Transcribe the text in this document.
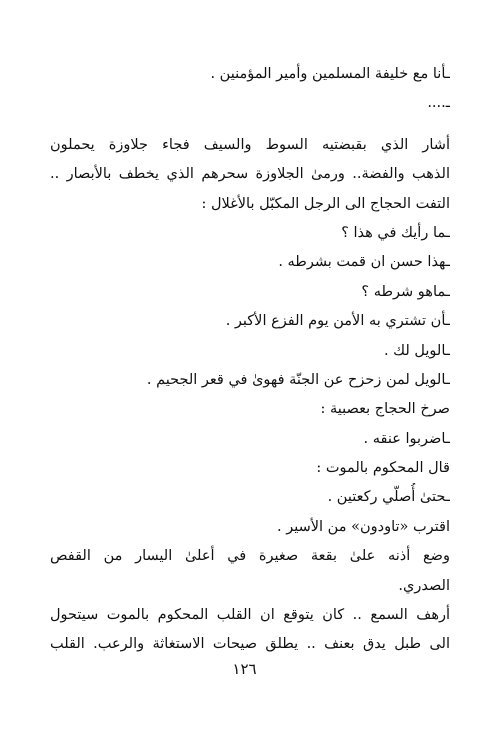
ـأنا مع خليفة المسلمين وأمير المؤمنين .
ـ....
أشار الذي بقبضتيه السوط والسيف فجاء جلاوزة يحملون
الذهب والفضة.. ورمىٰ الجلاوزة سحرهم الذي يخطف بالأبصار ..
التفت الحجاج الى الرجل المكبّل بالأغلال :
ـما رأيك في هذا ؟
ـهذا حسن ان قمت بشرطه .
ـماهو شرطه ؟
ـأن تشتري به الأمن يوم الفزع الأكبر .
ـالويل لك .
ـالويل لمن زحزح عن الجنّة فهوىٰ في قعر الجحيم .
صرخ الحجاج بعصبية :
ـاضربوا عنقه .
قال المحكوم بالموت :
ـحتىٰ أُصلّي ركعتين .
اقترب «تاودون» من الأسير .
وضع أذنه علىٰ بقعة صغيرة في أعلىٰ اليسار من القفص
الصدري.
أرهف السمع .. كان يتوقع ان القلب المحكوم بالموت سيتحول
الى طبل يدق بعنف .. يطلق صيحات الاستغاثة والرعب. القلب
١٢٦
